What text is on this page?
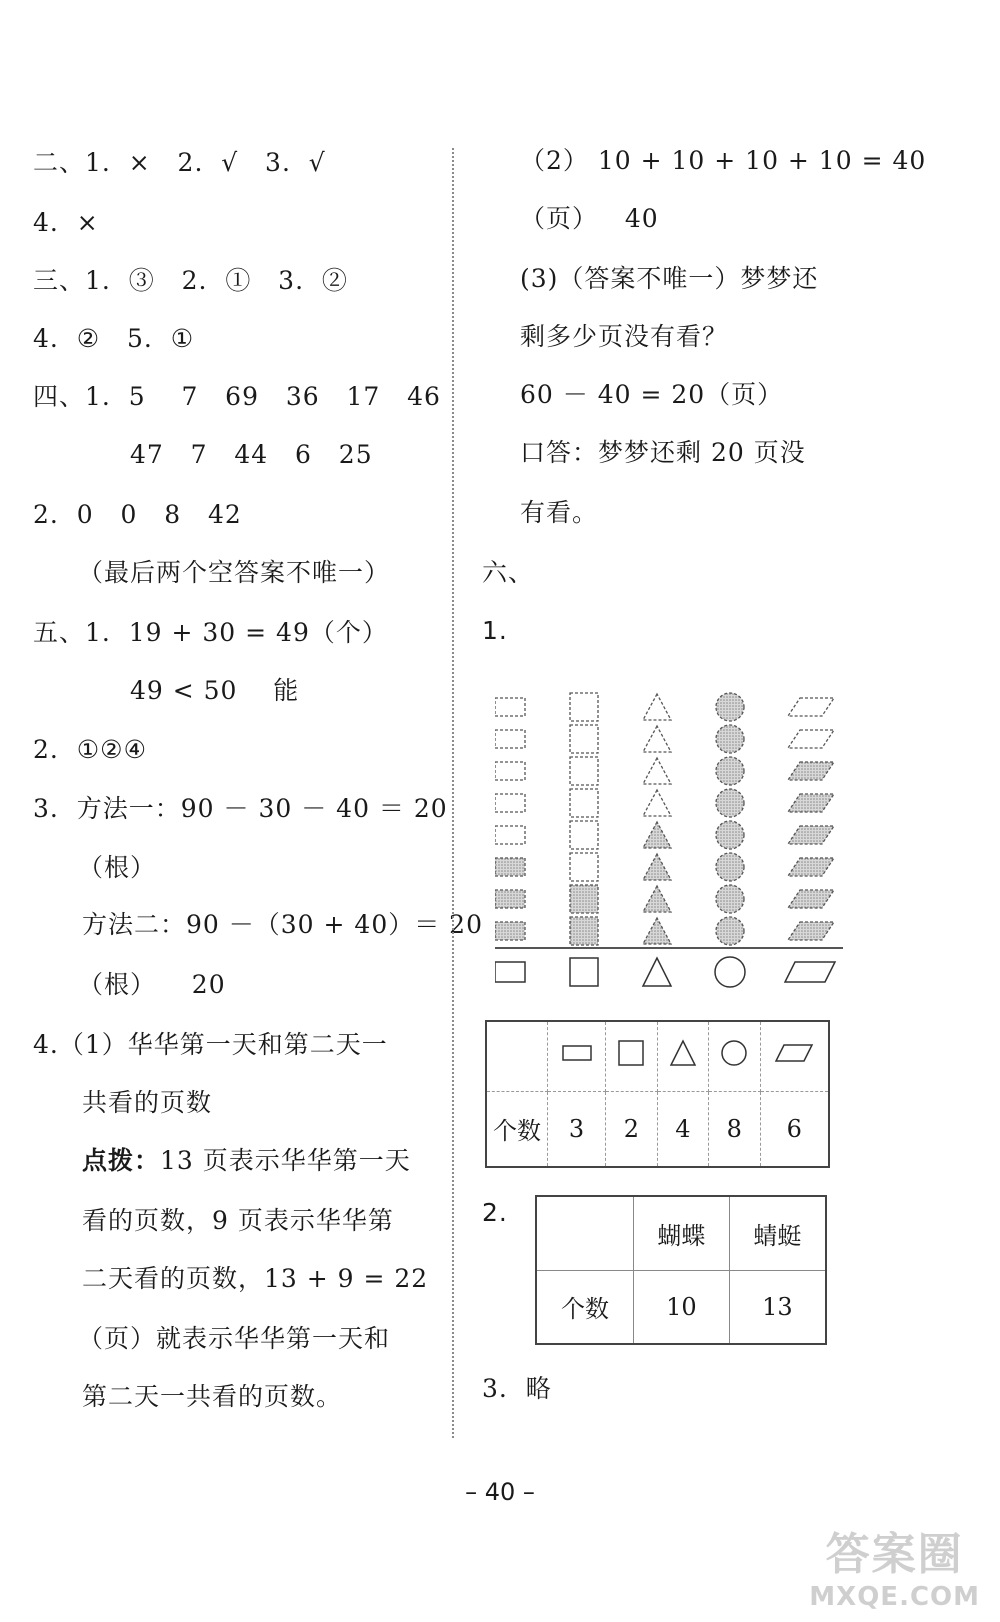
二、1.  ×   2.  √   3.  √
4.  ×
三、1.  ③   2.  ①   3.  ②
4.  ②   5.  ①
四、1.  5    7   69   36   17   46
47   7   44   6   25
2.  0   0   8   42
（最后两个空答案不唯一）
五、1.  19 + 30 = 49（个）
49 < 50    能
2.  ①②④
3.  方法一：90 － 30 － 40 ＝ 20
（根）
方法二：90 －（30 + 40）＝ 20
（根）    20
4.（1）华华第一天和第二天一
共看的页数
点拨：13 页表示华华第一天
看的页数，9 页表示华华第
二天看的页数，13 + 9 = 22
（页）就表示华华第一天和
第二天一共看的页数。
（2） 10 + 10 + 10 + 10 = 40
（页）   40
(3)（答案不唯一）梦梦还
剩多少页没有看？
60 － 40 = 20（页）
口答：梦梦还剩 20 页没
有看。
六、
1.

个数	3	2	4	8	6
2.
	蝴蝶	蜻蜓
个数	10	13
3.  略
– 40 –
答案圈
MXQE.COM
